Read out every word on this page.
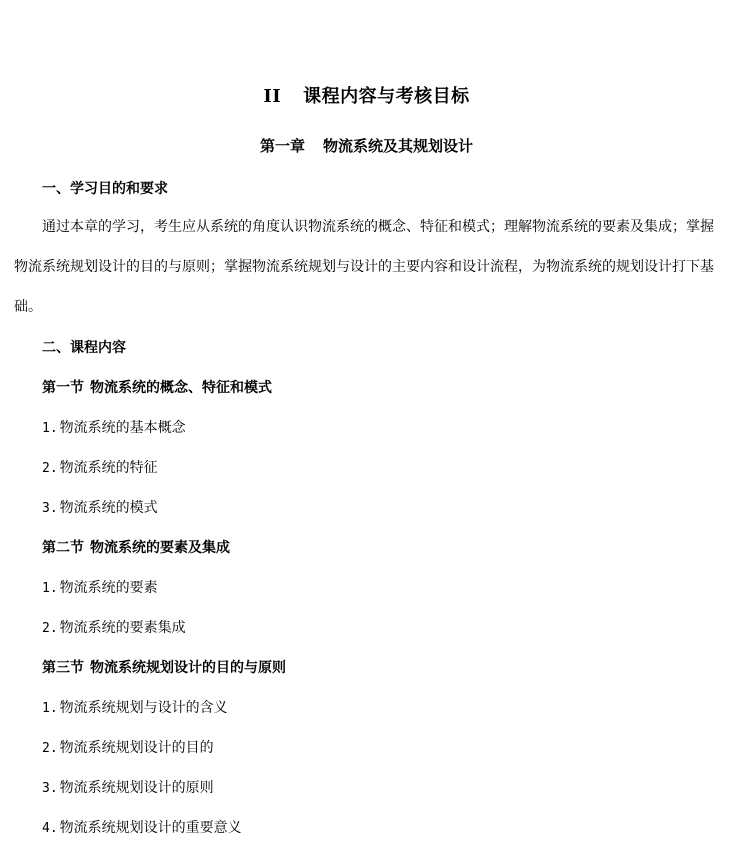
II 课程内容与考核目标
第一章 物流系统及其规划设计
一、学习目的和要求
通过本章的学习，考生应从系统的角度认识物流系统的概念、特征和模式；理解物流系统的要素及集成；掌握
物流系统规划设计的目的与原则；掌握物流系统规划与设计的主要内容和设计流程，为物流系统的规划设计打下基
础。
二、课程内容
第一节 物流系统的概念、特征和模式
1. 物流系统的基本概念
2. 物流系统的特征
3. 物流系统的模式
第二节 物流系统的要素及集成
1. 物流系统的要素
2. 物流系统的要素集成
第三节 物流系统规划设计的目的与原则
1. 物流系统规划与设计的含义
2. 物流系统规划设计的目的
3. 物流系统规划设计的原则
4. 物流系统规划设计的重要意义
